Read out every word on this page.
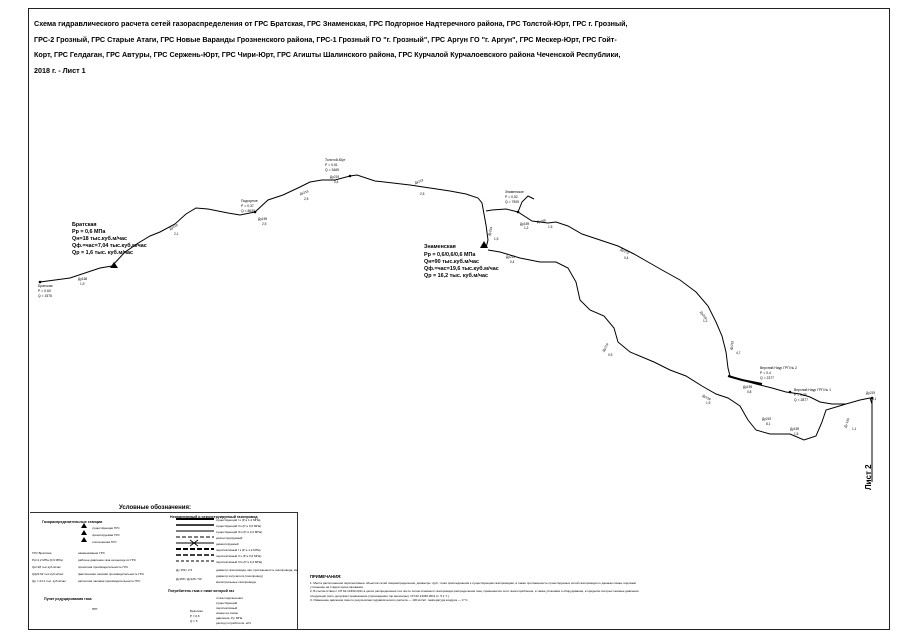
Схема гидравлического расчета сетей газораспределения от ГРС Братская, ГРС Знаменская, ГРС Подгорное Надтеречного района, ГРС Толстой-Юрт, ГРС г. Грозный, ГРС-2 Грозный, ГРС Старые Атаги, ГРС Новые Варанды Грозненского района, ГРС-1 Грозный ГО "г. Грозный", ГРС Аргун ГО "г. Аргун", ГРС Мескер-Юрт, ГРС Гойт-Корт, ГРС Гелдаган, ГРС Автуры, ГРС Сержень-Юрт, ГРС Чири-Юрт, ГРС Агишты Шалинского района, ГРС Курчалой Курчалоевского района Чеченской Республики, 2018 г. - Лист 1
Лист 2
Братская
Рр = 0,6 МПа
Qн=18 тыс.куб.м/час
Qф.=час=7,04 тыс.куб.м/час
Qр = 1,6 тыс. куб.м/час
Знаменская
Рр = 0,6/0,6/0,6 МПа
Qн=90 тыс.куб.м/час
Qф.=час=19,6 тыс.куб.м/час
Qр = 16,2 тыс. куб.м/час
Братская
Р = 0,60
Q = 1576
Подгорное
Р = 0,37
Q = 8630
Толстой-Юрт
Р = 0,51
Q = 3465
Знаменское
Р = 0,52
Q = 7905
Верхний Наур ГРП № 2
Р = 0,4
Q = 2377
Верхний Наур ГРП № 1
Р = 0,36
Q = 2877
Ду168
1,9
Ду219
2,1
Ду159
2,5
Ду219
2,5
Ду219
2,5
Ду219
1,5
Ду159
1,2
Ду168
1,5
Ду219
0,4
Ду273
0,4
Ду219
1,2
Ду219
0,9
Ду219
4,7
Ду159
0,8
Ду159
1,9
Ду159
1,5
Ду 159
1,1
Ду219
4,1
Ду219
8,1
Ду219
0,4
Условные обозначения:
Газораспределительные станции
существующая ГРС
проектируемая ГРС
отключенная ГРС
ГРС Братская
Рр=1,2 МПа (0,6 МПа)
Qн=18 тыс.куб.м/час
Qф/3.62 тыс.куб.м/час
Qр = 24,1 тыс. куб.м/час
наименование ГРС
рабочее давление газа на выходе из ГРС
проектная производительность ГРС
фактическая часовая производительность ГРС
расчетная часовая производительность ГРС
Пункт редуцирования газа
ПРГ
Неизменяемый и реконструируемый газопровод
существующий I к (Р ≤ 1,2 МПа)
существующий II к (Р ≤ 0,6 МПа)
существующий III к (Р ≤ 0,3 МПа)
реконструируемый
демонтируемый
перспективный I к (Р ≤ 1,2 МПа)
перспективный II к (Р ≤ 0,6 МПа)
перспективный III к (Р ≤ 0,3 МПа)
диаметр газопровода, мм; протяженность газопровода, км
диаметр излучателя (газопровод)
магистральные газопроводы
Ду 159 / 2,5
Ду159 / Ду125 / 50
Потребитель газа с ниже которой газ
точка подключения
существующий
перспективный
номер на схеме
давление, Ру, МПа
расход потребителя, м³/ч
Братская
Р = 0,6
Q = 6
ПРИМЕЧАНИЯ:
1. Места расположения перспективных объектов сетей газораспределения, диаметры труб, точки присоединения к существующим газопроводам, а также протяженность проектируемых сетей газопровода по данным схемы подлежат уточнению на стадии проектирования.
2. В соответствии с СП 62.13330.2011 в целях распределения поз газ по сетям основного газопровода распределения газа, применяются сети газопотребления, а также установки и оборудования, в пределах которых газовые давления следующие (сеть допускает превышение (прохождения тор величины), СП 62.13330.2011 (п. 5.1.7.).
3. Изменение давления газа по результатам гидравлического расчета — 100 кгс/м², температура воздуха — 0 °С.
